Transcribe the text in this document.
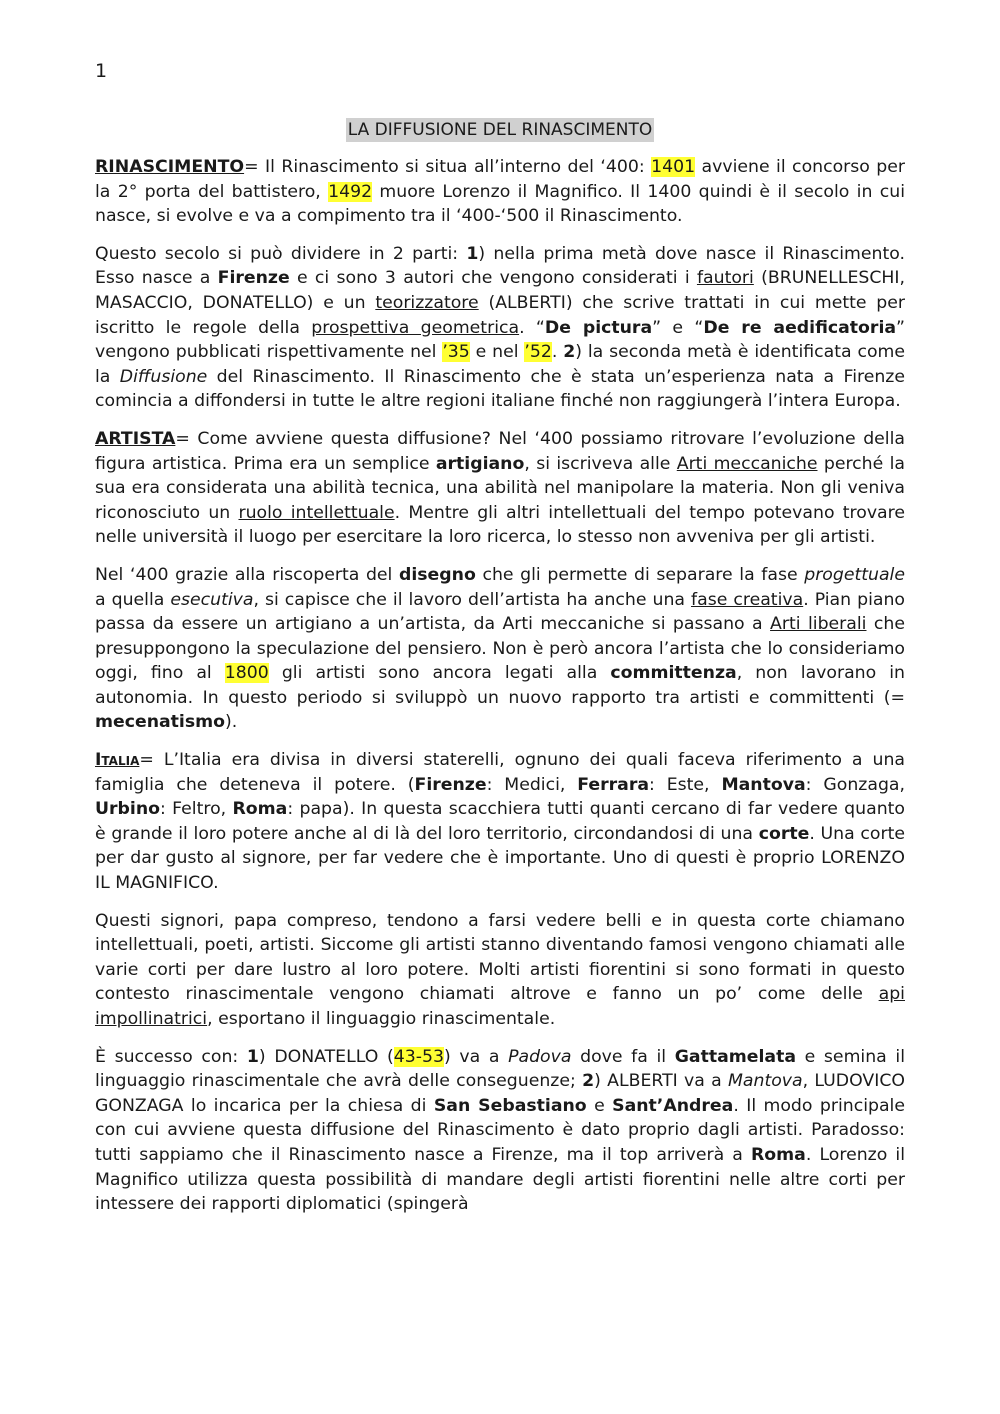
1
LA DIFFUSIONE DEL RINASCIMENTO

RINASCIMENTO= Il Rinascimento si situa all’interno del ‘400: 1401 avviene il concorso per la 2° porta del battistero, 1492 muore Lorenzo il Magnifico. Il 1400 quindi è il secolo in cui nasce, si evolve e va a compimento tra il ‘400-‘500 il Rinascimento.

Questo secolo si può dividere in 2 parti: 1) nella prima metà dove nasce il Rinascimento. Esso nasce a Firenze e ci sono 3 autori che vengono considerati i fautori (BRUNELLESCHI, MASACCIO, DONATELLO) e un teorizzatore (ALBERTI) che scrive trattati in cui mette per iscritto le regole della prospettiva geometrica. “De pictura” e “De re aedificatoria” vengono pubblicati rispettivamente nel ’35 e nel ’52. 2) la seconda metà è identificata come la Diffusione del Rinascimento. Il Rinascimento che è stata un’esperienza nata a Firenze comincia a diffondersi in tutte le altre regioni italiane finché non raggiungerà l’intera Europa.

ARTISTA= Come avviene questa diffusione? Nel ‘400 possiamo ritrovare l’evoluzione della figura artistica. Prima era un semplice artigiano, si iscriveva alle Arti meccaniche perché la sua era considerata una abilità tecnica, una abilità nel manipolare la materia. Non gli veniva riconosciuto un ruolo intellettuale. Mentre gli altri intellettuali del tempo potevano trovare nelle università il luogo per esercitare la loro ricerca, lo stesso non avveniva per gli artisti.

Nel ‘400 grazie alla riscoperta del disegno che gli permette di separare la fase progettuale a quella esecutiva, si capisce che il lavoro dell’artista ha anche una fase creativa. Pian piano passa da essere un artigiano a un’artista, da Arti meccaniche si passano a Arti liberali che presuppongono la speculazione del pensiero. Non è però ancora l’artista che lo consideriamo oggi, fino al 1800 gli artisti sono ancora legati alla committenza, non lavorano in autonomia. In questo periodo si sviluppò un nuovo rapporto tra artisti e committenti (= mecenatismo).

Italia= L’Italia era divisa in diversi staterelli, ognuno dei quali faceva riferimento a una famiglia che deteneva il potere. (Firenze: Medici, Ferrara: Este, Mantova: Gonzaga, Urbino: Feltro, Roma: papa). In questa scacchiera tutti quanti cercano di far vedere quanto è grande il loro potere anche al di là del loro territorio, circondandosi di una corte. Una corte per dar gusto al signore, per far vedere che è importante. Uno di questi è proprio LORENZO IL MAGNIFICO.

Questi signori, papa compreso, tendono a farsi vedere belli e in questa corte chiamano intellettuali, poeti, artisti. Siccome gli artisti stanno diventando famosi vengono chiamati alle varie corti per dare lustro al loro potere. Molti artisti fiorentini si sono formati in questo contesto rinascimentale vengono chiamati altrove e fanno un po’ come delle api impollinatrici, esportano il linguaggio rinascimentale.

È successo con: 1) DONATELLO (43-53) va a Padova dove fa il Gattamelata e semina il linguaggio rinascimentale che avrà delle conseguenze; 2) ALBERTI va a Mantova, LUDOVICO GONZAGA lo incarica per la chiesa di San Sebastiano e Sant’Andrea. Il modo principale con cui avviene questa diffusione del Rinascimento è dato proprio dagli artisti. Paradosso: tutti sappiamo che il Rinascimento nasce a Firenze, ma il top arriverà a Roma. Lorenzo il Magnifico utilizza questa possibilità di mandare degli artisti fiorentini nelle altre corti per intessere dei rapporti diplomatici (spingerà
